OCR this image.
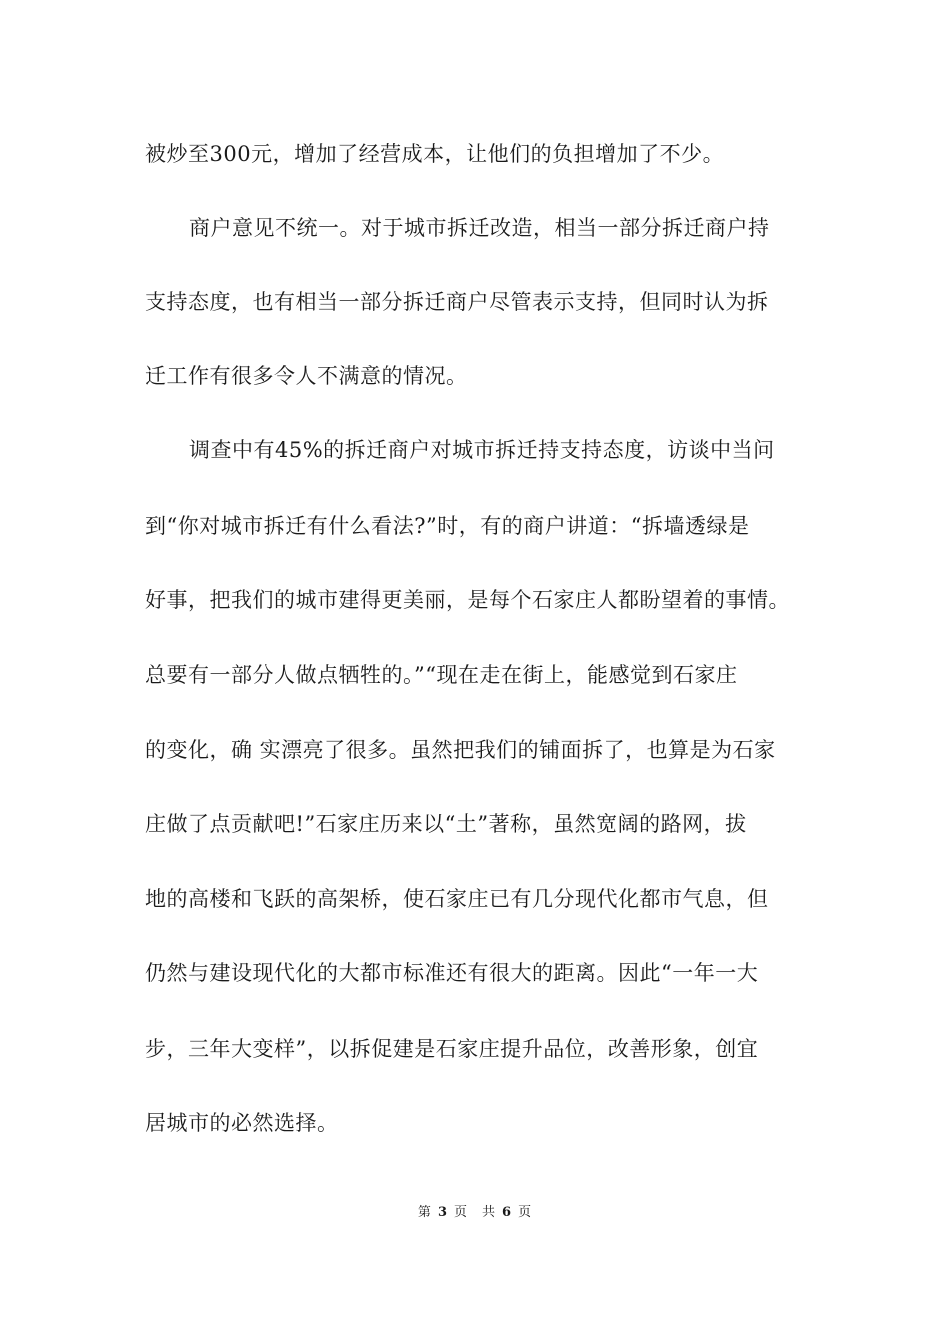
被炒至300元，增加了经营成本，让他们的负担增加了不少。
商户意见不统一。对于城市拆迁改造，相当一部分拆迁商户持
支持态度，也有相当一部分拆迁商户尽管表示支持，但同时认为拆
迁工作有很多令人不满意的情况。
调查中有45%的拆迁商户对城市拆迁持支持态度，访谈中当问
到“你对城市拆迁有什么看法?”时，有的商户讲道：“拆墙透绿是
好事，把我们的城市建得更美丽，是每个石家庄人都盼望着的事情。
总要有一部分人做点牺牲的。”“现在走在街上，能感觉到石家庄
的变化，确 实漂亮了很多。虽然把我们的铺面拆了，也算是为石家
庄做了点贡献吧!”石家庄历来以“土”著称，虽然宽阔的路网，拔
地的高楼和飞跃的高架桥，使石家庄已有几分现代化都市气息，但
仍然与建设现代化的大都市标准还有很大的距离。因此“一年一大
步，三年大变样”，以拆促建是石家庄提升品位，改善形象，创宜
居城市的必然选择。
第 3 页 共 6 页
